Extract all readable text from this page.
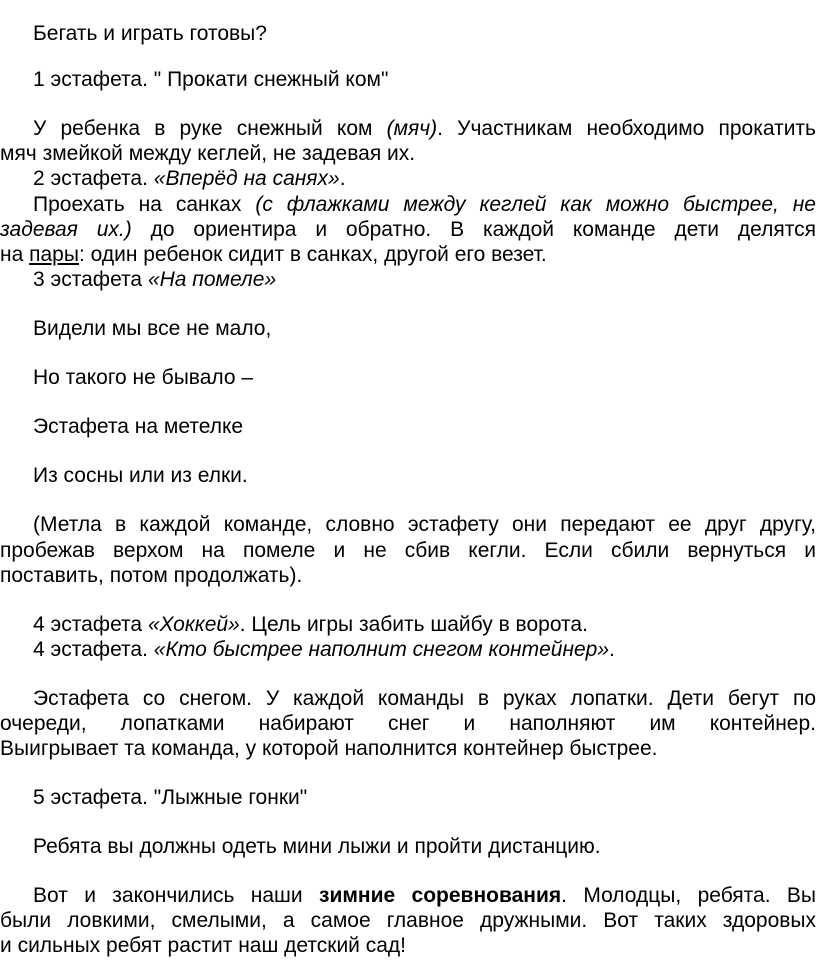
Бегать и играть готовы?

1 эстафета. " Прокати снежный ком"

У ребенка в руке снежный ком (мяч). Участникам необходимо прокатить

мяч змейкой между кеглей, не задевая их.

2 эстафета. «Вперёд на санях».

Проехать на санках (с флажками между кеглей как можно быстрее, не

задевая их.) до ориентира и обратно. В каждой команде дети делятся

на пары: один ребенок сидит в санках, другой его везет.

3 эстафета «На помеле»

Видели мы все не мало,

Но такого не бывало –

Эстафета на метелке

Из сосны или из елки.

(Метла в каждой команде, словно эстафету они передают ее друг другу,

пробежав верхом на помеле и не сбив кегли. Если сбили вернуться и

поставить, потом продолжать).

4 эстафета «Хоккей». Цель игры забить шайбу в ворота.

4 эстафета. «Кто быстрее наполнит снегом контейнер».

Эстафета со снегом. У каждой команды в руках лопатки. Дети бегут по

очереди, лопатками набирают снег и наполняют им контейнер.

Выигрывает та команда, у которой наполнится контейнер быстрее.

5 эстафета. "Лыжные гонки"

Ребята вы должны одеть мини лыжи и пройти дистанцию.

Вот и закончились наши зимние соревнования. Молодцы, ребята. Вы

были ловкими, смелыми, а самое главное дружными. Вот таких здоровых

и сильных ребят растит наш детский сад!
